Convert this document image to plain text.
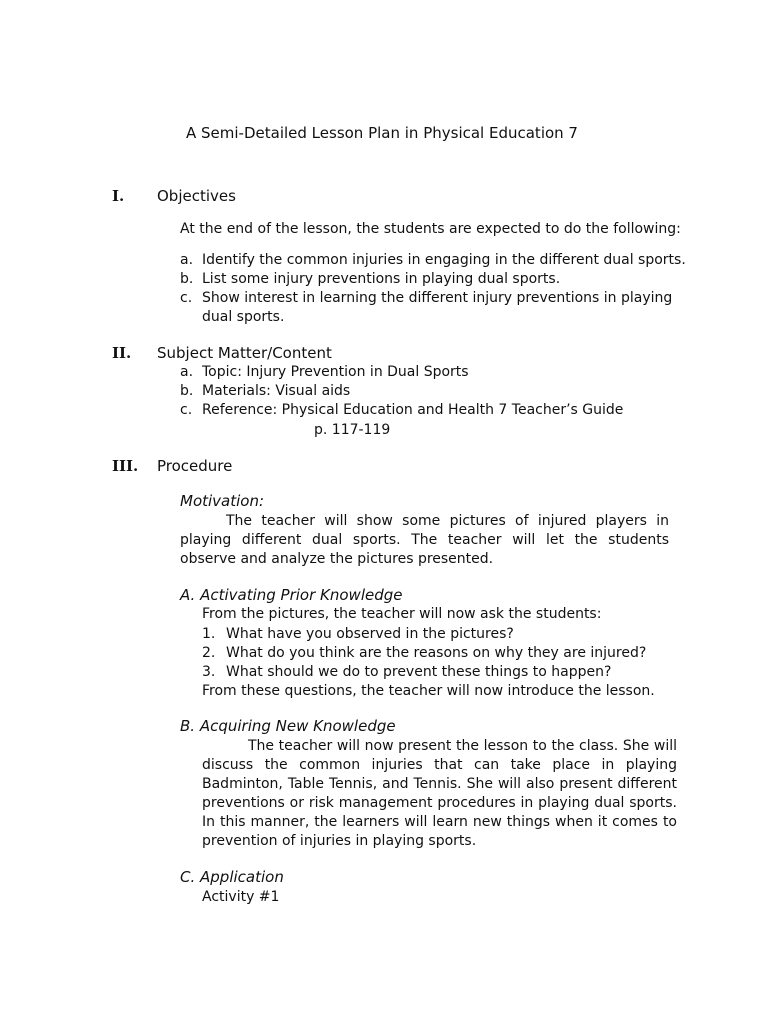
A Semi-Detailed Lesson Plan in Physical Education 7
I. Objectives
At the end of the lesson, the students are expected to do the following:
a. Identify the common injuries in engaging in the different dual sports.
b. List some injury preventions in playing dual sports.
c. Show interest in learning the different injury preventions in playing
dual sports.
II. Subject Matter/Content
a. Topic: Injury Prevention in Dual Sports
b. Materials: Visual aids
c. Reference: Physical Education and Health 7 Teacher’s Guide
p. 117-119
III. Procedure
Motivation:
The teacher will show some pictures of injured players in playing different dual sports. The teacher will let the students observe and analyze the pictures presented.
A. Activating Prior Knowledge
From the pictures, the teacher will now ask the students:
1. What have you observed in the pictures?
2. What do you think are the reasons on why they are injured?
3. What should we do to prevent these things to happen?
From these questions, the teacher will now introduce the lesson.
B. Acquiring New Knowledge
The teacher will now present the lesson to the class. She will discuss the common injuries that can take place in playing Badminton, Table Tennis, and Tennis. She will also present different preventions or risk management procedures in playing dual sports. In this manner, the learners will learn new things when it comes to prevention of injuries in playing sports.
C. Application
Activity #1
